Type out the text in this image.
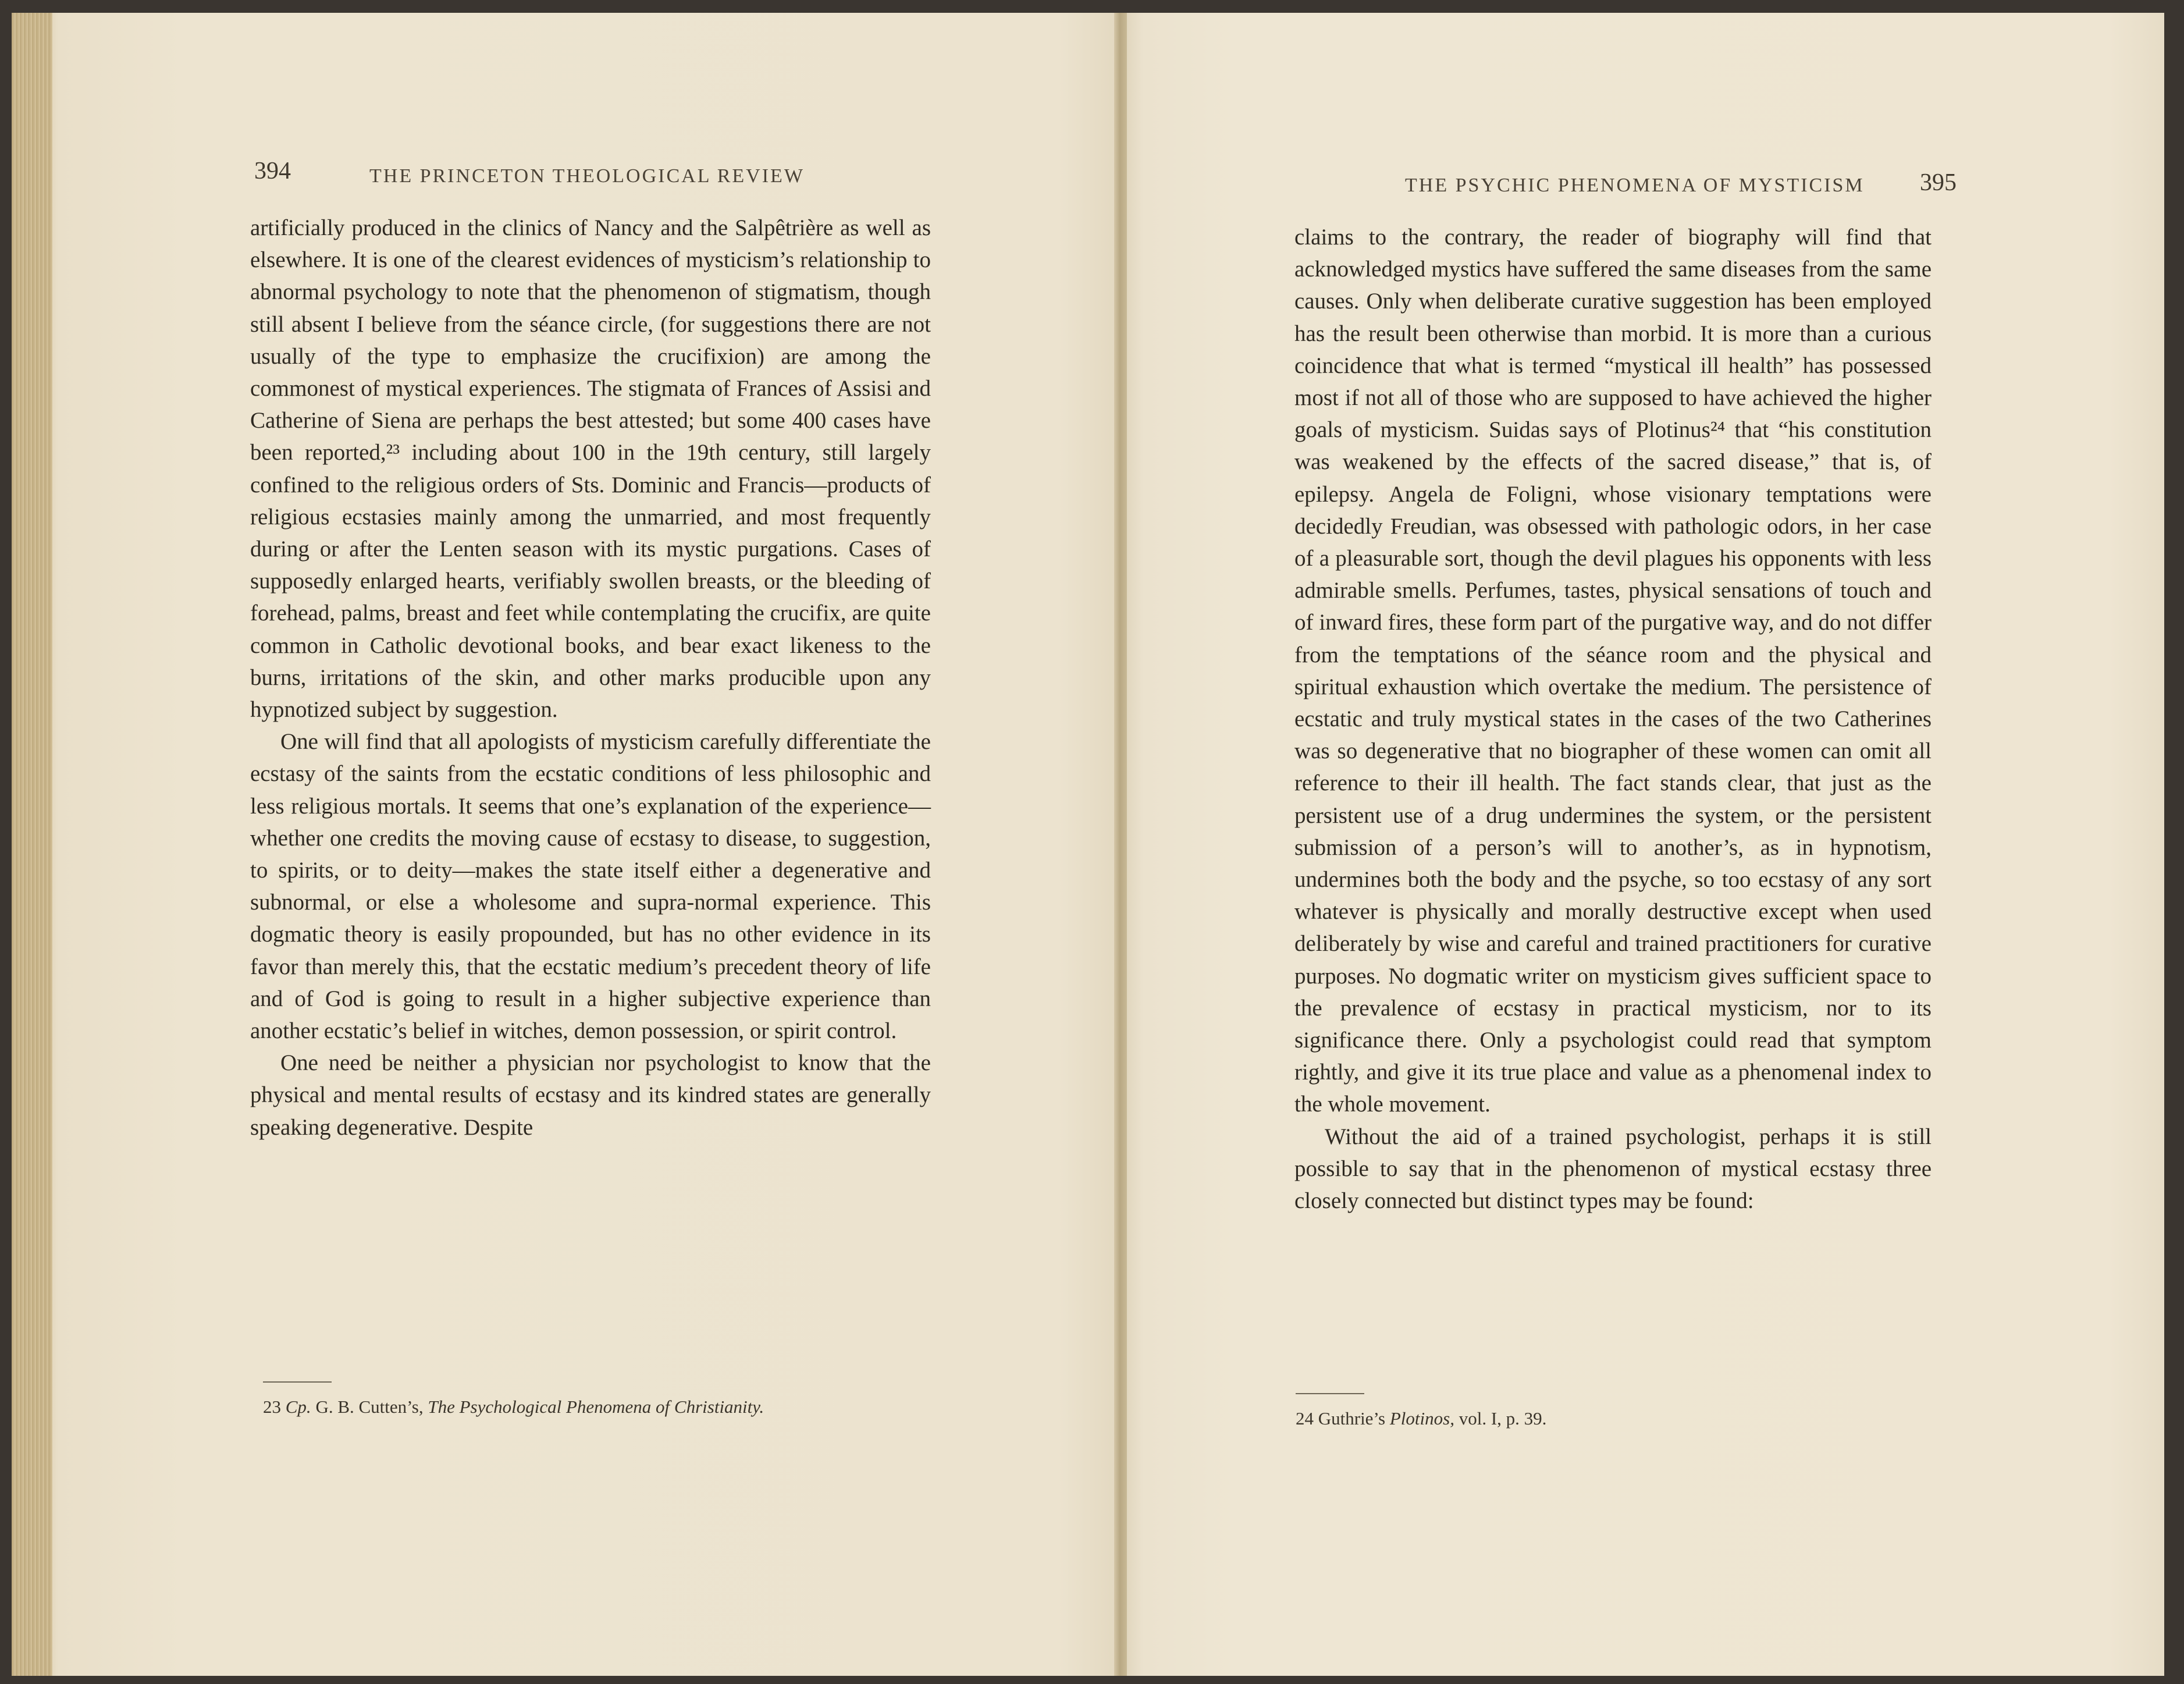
394	THE PRINCETON THEOLOGICAL REVIEW

artificially produced in the clinics of Nancy and the Salpêtrière as well as elsewhere. It is one of the clearest evidences of mysticism’s relationship to abnormal psychology to note that the phenomenon of stigmatism, though still absent I believe from the séance circle, (for suggestions there are not usually of the type to emphasize the crucifixion) are among the commonest of mystical experiences. The stigmata of Frances of Assisi and Catherine of Siena are perhaps the best attested; but some 400 cases have been reported,²³ including about 100 in the 19th century, still largely confined to the religious orders of Sts. Dominic and Francis—products of religious ecstasies mainly among the unmarried, and most frequently during or after the Lenten season with its mystic purgations. Cases of supposedly enlarged hearts, verifiably swollen breasts, or the bleeding of forehead, palms, breast and feet while contemplating the crucifix, are quite common in Catholic devotional books, and bear exact likeness to the burns, irritations of the skin, and other marks producible upon any hypnotized subject by suggestion.

One will find that all apologists of mysticism carefully differentiate the ecstasy of the saints from the ecstatic conditions of less philosophic and less religious mortals. It seems that one’s explanation of the experience—whether one credits the moving cause of ecstasy to disease, to suggestion, to spirits, or to deity—makes the state itself either a degenerative and subnormal, or else a wholesome and supra-normal experience. This dogmatic theory is easily propounded, but has no other evidence in its favor than merely this, that the ecstatic medium’s precedent theory of life and of God is going to result in a higher subjective experience than another ecstatic’s belief in witches, demon possession, or spirit control.

One need be neither a physician nor psychologist to know that the physical and mental results of ecstasy and its kindred states are generally speaking degenerative. Despite

23 Cp. G. B. Cutten’s, The Psychological Phenomena of Christianity.
THE PSYCHIC PHENOMENA OF MYSTICISM 395

claims to the contrary, the reader of biography will find that acknowledged mystics have suffered the same diseases from the same causes. Only when deliberate curative suggestion has been employed has the result been otherwise than morbid. It is more than a curious coincidence that what is termed “mystical ill health” has possessed most if not all of those who are supposed to have achieved the higher goals of mysticism. Suidas says of Plotinus²⁴ that “his constitution was weakened by the effects of the sacred disease,” that is, of epilepsy. Angela de Foligni, whose visionary temptations were decidedly Freudian, was obsessed with pathologic odors, in her case of a pleasurable sort, though the devil plagues his opponents with less admirable smells. Perfumes, tastes, physical sensations of touch and of inward fires, these form part of the purgative way, and do not differ from the temptations of the séance room and the physical and spiritual exhaustion which overtake the medium. The persistence of ecstatic and truly mystical states in the cases of the two Catherines was so degenerative that no biographer of these women can omit all reference to their ill health. The fact stands clear, that just as the persistent use of a drug undermines the system, or the persistent submission of a person’s will to another’s, as in hypnotism, undermines both the body and the psyche, so too ecstasy of any sort whatever is physically and morally destructive except when used deliberately by wise and careful and trained practitioners for curative purposes. No dogmatic writer on mysticism gives sufficient space to the prevalence of ecstasy in practical mysticism, nor to its significance there. Only a psychologist could read that symptom rightly, and give it its true place and value as a phenomenal index to the whole movement.

Without the aid of a trained psychologist, perhaps it is still possible to say that in the phenomenon of mystical ecstasy three closely connected but distinct types may be found:

24 Guthrie’s Plotinos, vol. I, p. 39.
